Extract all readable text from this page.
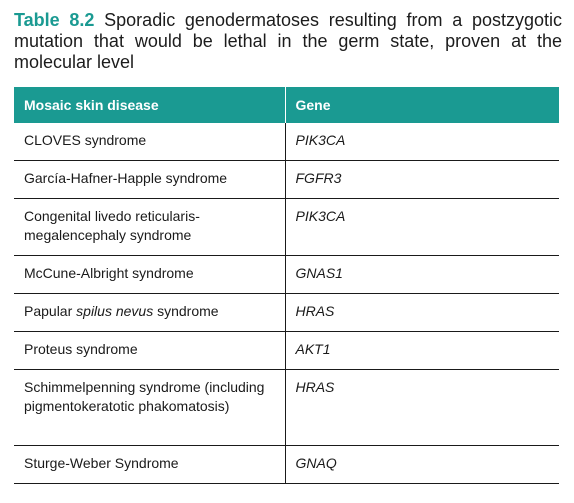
Table 8.2 Sporadic genodermatoses resulting from a postzygotic mutation that would be lethal in the germ state, proven at the molecular level
Mosaic skin disease	Gene
CLOVES syndrome	PIK3CA
García-Hafner-Happle syndrome	FGFR3
Congenital livedo reticularis-megalencephaly syndrome	PIK3CA
McCune-Albright syndrome	GNAS1
Papular spilus nevus syndrome	HRAS
Proteus syndrome	AKT1
Schimmelpenning syndrome (including pigmentokeratotic phakomatosis)	HRAS
Sturge-Weber Syndrome	GNAQ
